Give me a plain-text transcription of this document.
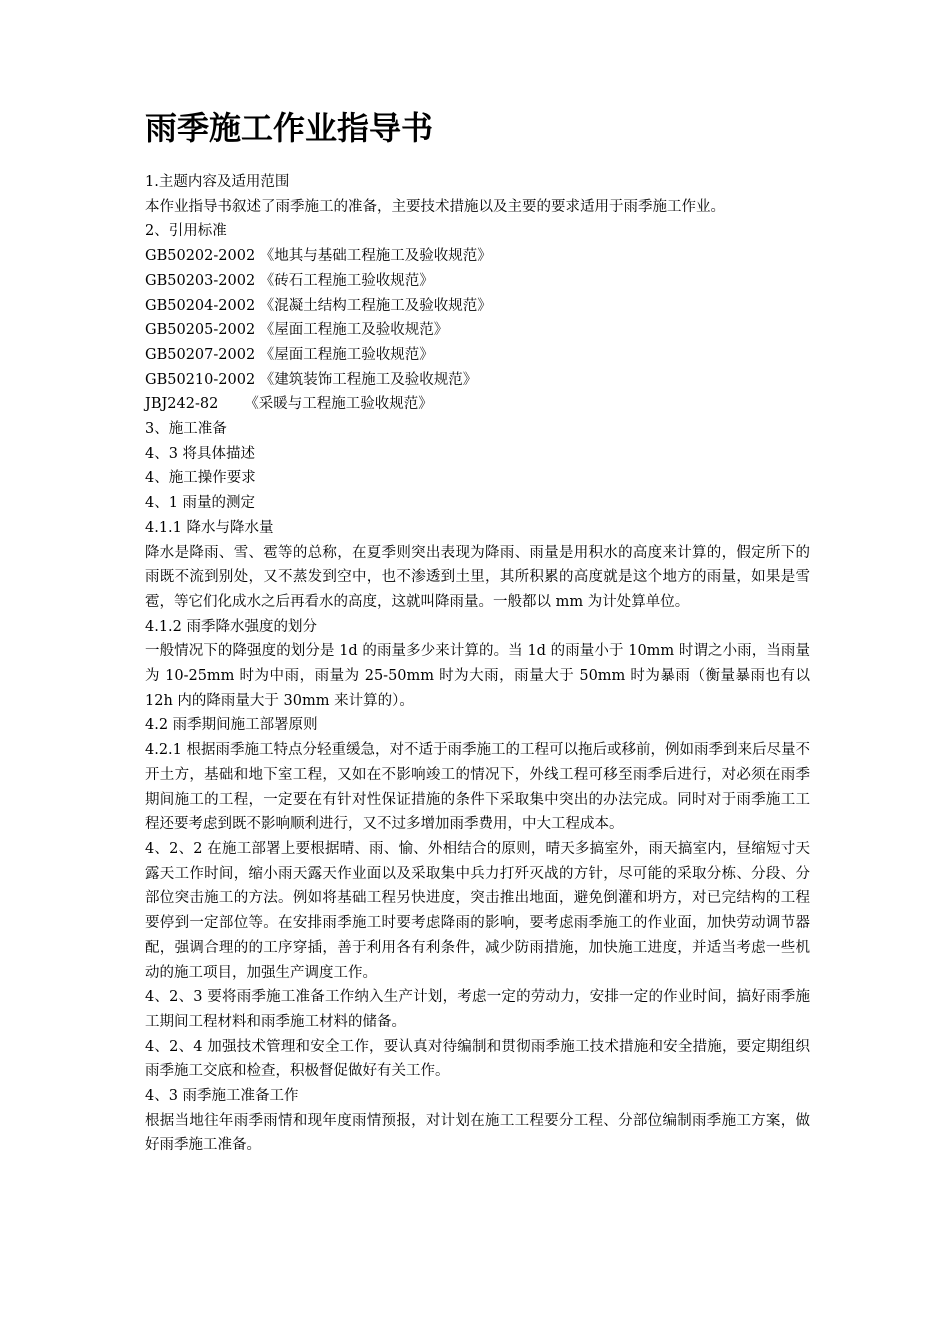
雨季施工作业指导书

1.主题内容及适用范围

本作业指导书叙述了雨季施工的准备，主要技术措施以及主要的要求适用于雨季施工作业。

2、引用标准

GB50202-2002 《地其与基础工程施工及验收规范》

GB50203-2002 《砖石工程施工验收规范》

GB50204-2002 《混凝土结构工程施工及验收规范》

GB50205-2002 《屋面工程施工及验收规范》

GB50207-2002 《屋面工程施工验收规范》

GB50210-2002 《建筑装饰工程施工及验收规范》

JBJ242-82 《采暖与工程施工验收规范》

3、施工准备

4、3 将具体描述

4、施工操作要求

4、1 雨量的测定

4.1.1 降水与降水量

降水是降雨、雪、雹等的总称，在夏季则突出表现为降雨、雨量是用积水的高度来计算的，假定所下的雨既不流到别处，又不蒸发到空中，也不渗透到土里，其所积累的高度就是这个地方的雨量，如果是雪雹，等它们化成水之后再看水的高度，这就叫降雨量。一般都以 mm 为计处算单位。

4.1.2 雨季降水强度的划分

一般情况下的降强度的划分是 1d 的雨量多少来计算的。当 1d 的雨量小于 10mm 时谓之小雨，当雨量为 10-25mm 时为中雨，雨量为 25-50mm 时为大雨，雨量大于 50mm 时为暴雨（衡量暴雨也有以 12h 内的降雨量大于 30mm 来计算的）。

4.2 雨季期间施工部署原则

4.2.1 根据雨季施工特点分轻重缓急，对不适于雨季施工的工程可以拖后或移前，例如雨季到来后尽量不开土方，基础和地下室工程，又如在不影响竣工的情况下，外线工程可移至雨季后进行，对必须在雨季期间施工的工程，一定要在有针对性保证措施的条件下采取集中突出的办法完成。同时对于雨季施工工程还要考虑到既不影响顺利进行，又不过多增加雨季费用，中大工程成本。

4、2、2 在施工部署上要根据晴、雨、愉、外相结合的原则，晴天多搞室外，雨天搞室内，昼缩短寸天露天工作时间，缩小雨天露天作业面以及采取集中兵力打歼灭战的方针，尽可能的采取分栋、分段、分部位突击施工的方法。例如将基础工程另快进度，突击推出地面，避免倒灌和坍方，对已完结构的工程要停到一定部位等。在安排雨季施工时要考虑降雨的影响，要考虑雨季施工的作业面，加快劳动调节器配，强调合理的的工序穿插，善于利用各有利条件，减少防雨措施，加快施工进度，并适当考虑一些机动的施工项目，加强生产调度工作。

4、2、3 要将雨季施工准备工作纳入生产计划，考虑一定的劳动力，安排一定的作业时间，搞好雨季施工期间工程材料和雨季施工材料的储备。

4、2、4 加强技术管理和安全工作，要认真对待编制和贯彻雨季施工技术措施和安全措施，要定期组织雨季施工交底和检查，积极督促做好有关工作。

4、3 雨季施工准备工作

根据当地往年雨季雨情和现年度雨情预报，对计划在施工工程要分工程、分部位编制雨季施工方案，做好雨季施工准备。
